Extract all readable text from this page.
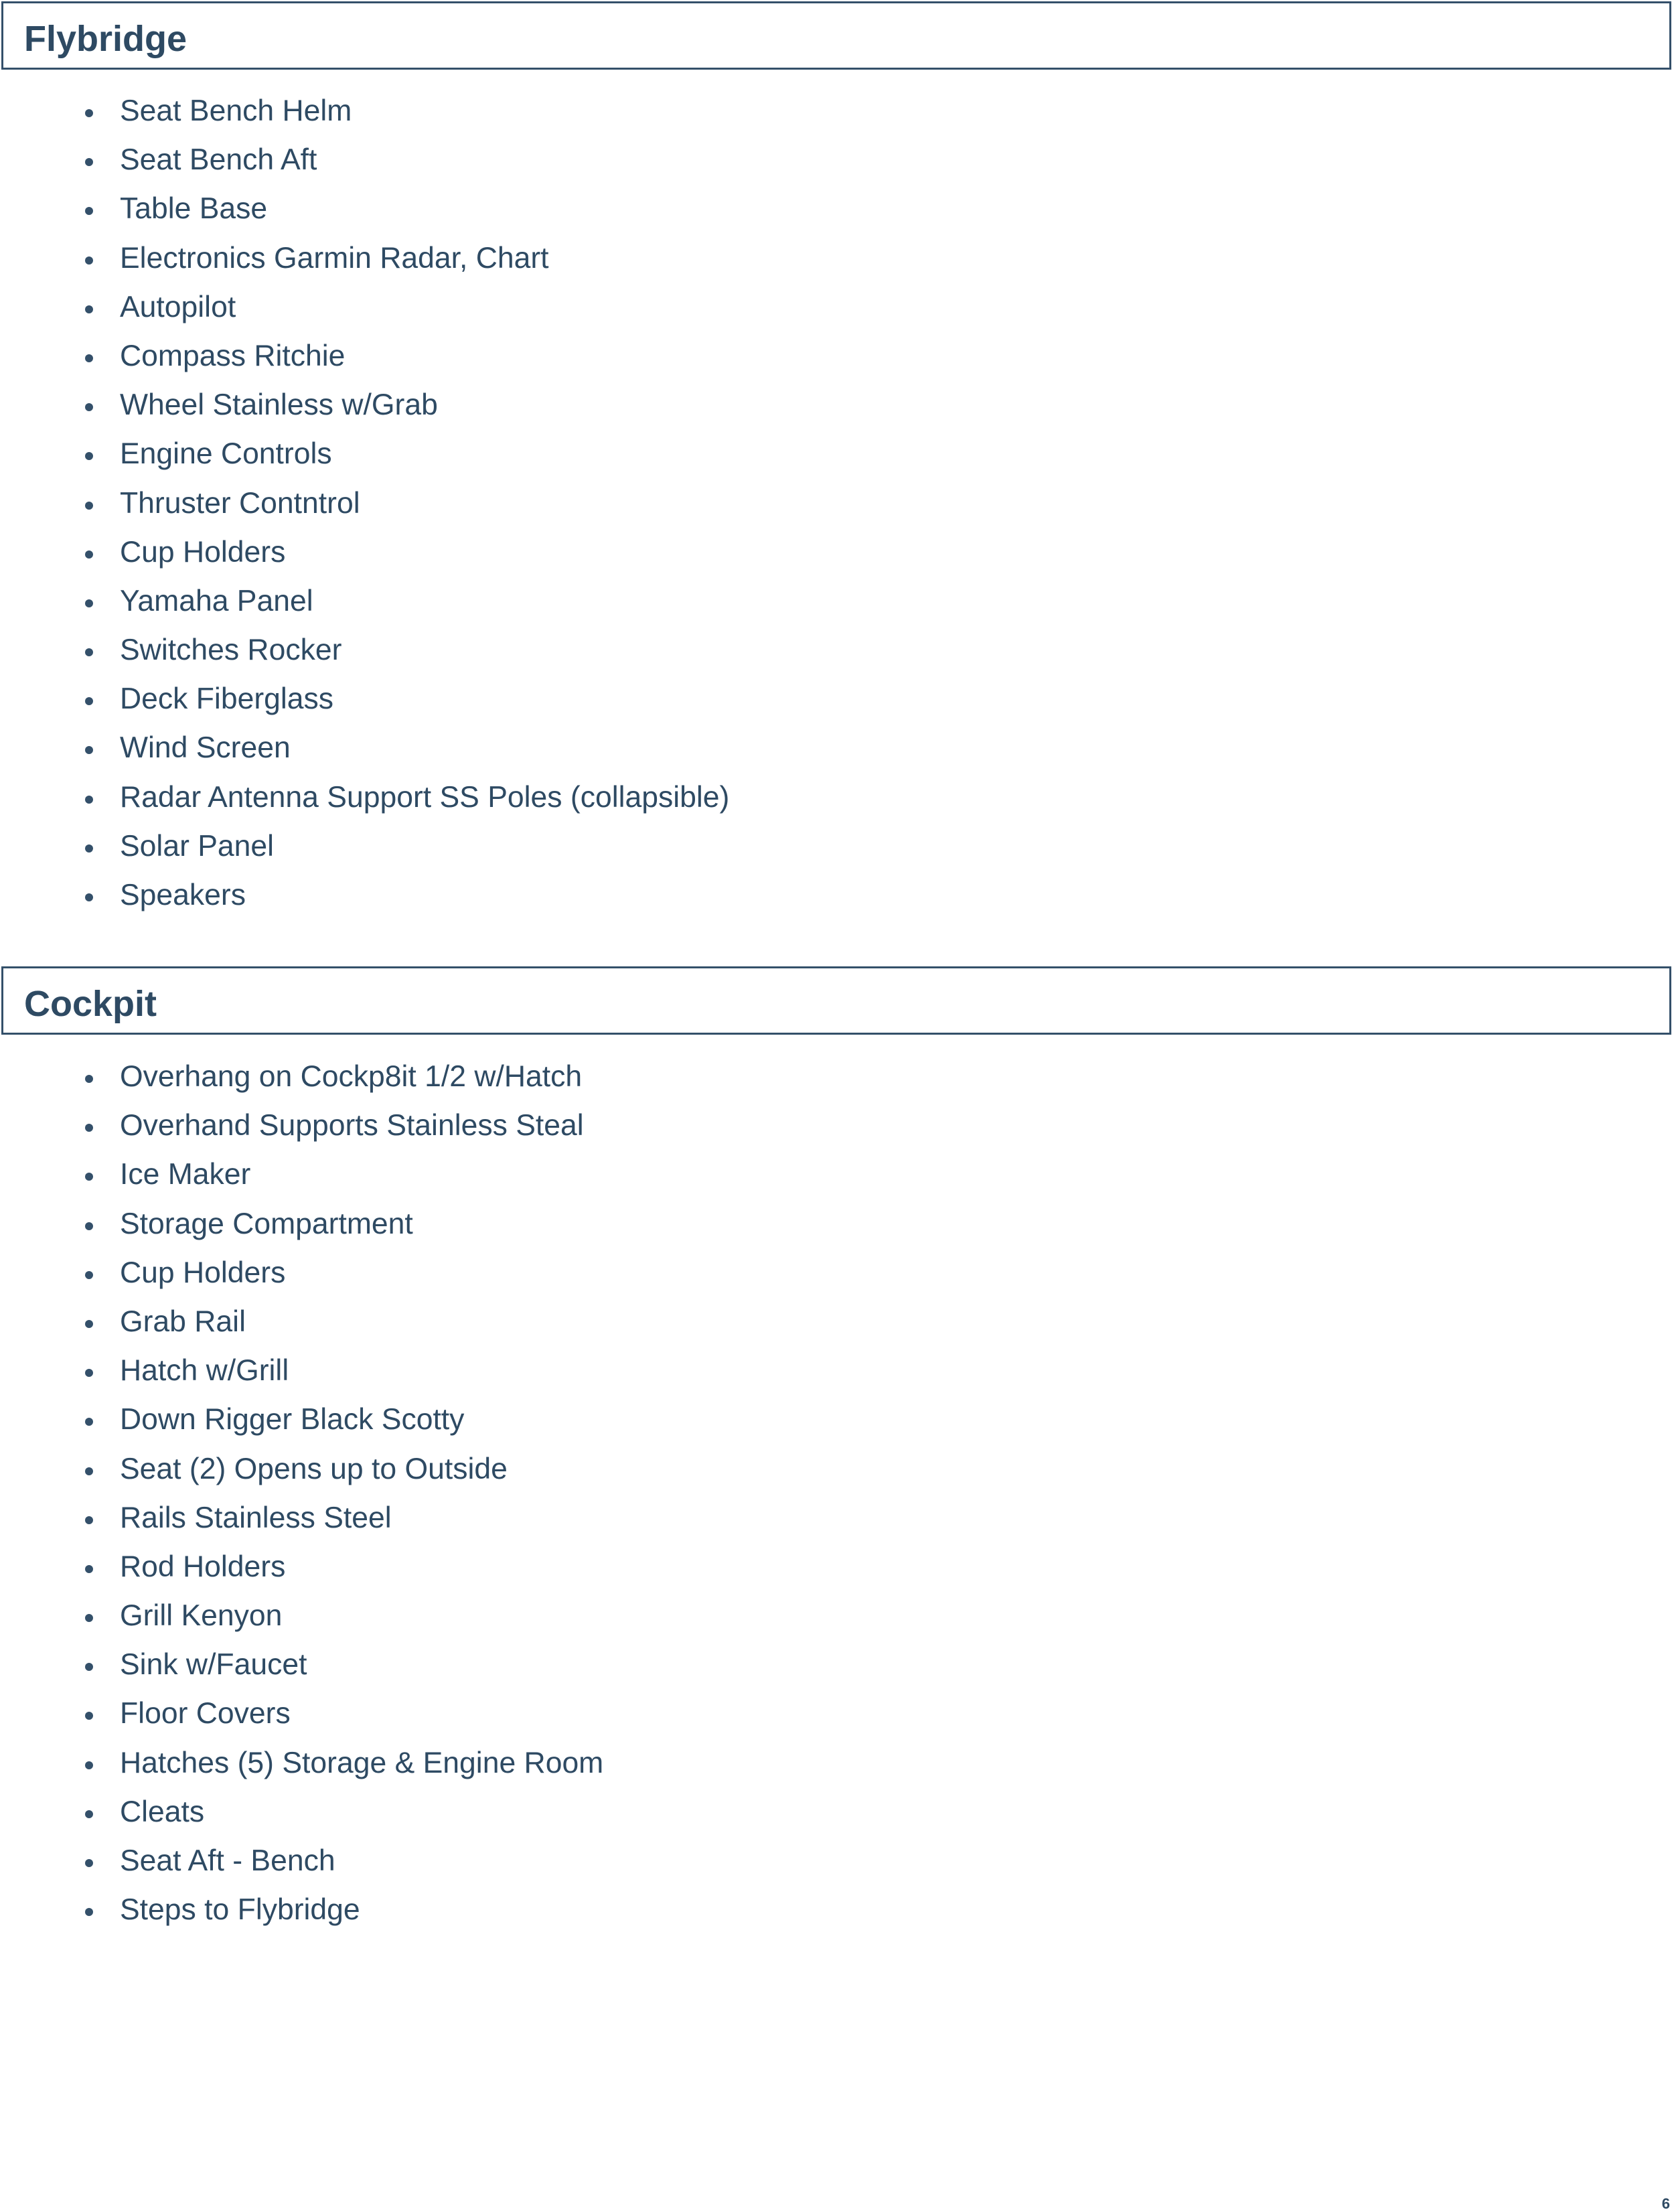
Flybridge
Seat Bench Helm
Seat Bench Aft
Table Base
Electronics Garmin Radar, Chart
Autopilot
Compass Ritchie
Wheel Stainless w/Grab
Engine Controls
Thruster Contntrol
Cup Holders
Yamaha Panel
Switches Rocker
Deck Fiberglass
Wind Screen
Radar Antenna Support SS Poles (collapsible)
Solar Panel
Speakers
Cockpit
Overhang on Cockp8it 1/2 w/Hatch
Overhand Supports Stainless Steal
Ice Maker
Storage Compartment
Cup Holders
Grab Rail
Hatch w/Grill
Down Rigger Black Scotty
Seat (2) Opens up to Outside
Rails Stainless Steel
Rod Holders
Grill Kenyon
Sink w/Faucet
Floor Covers
Hatches (5) Storage & Engine Room
Cleats
Seat Aft - Bench
Steps to Flybridge
6
